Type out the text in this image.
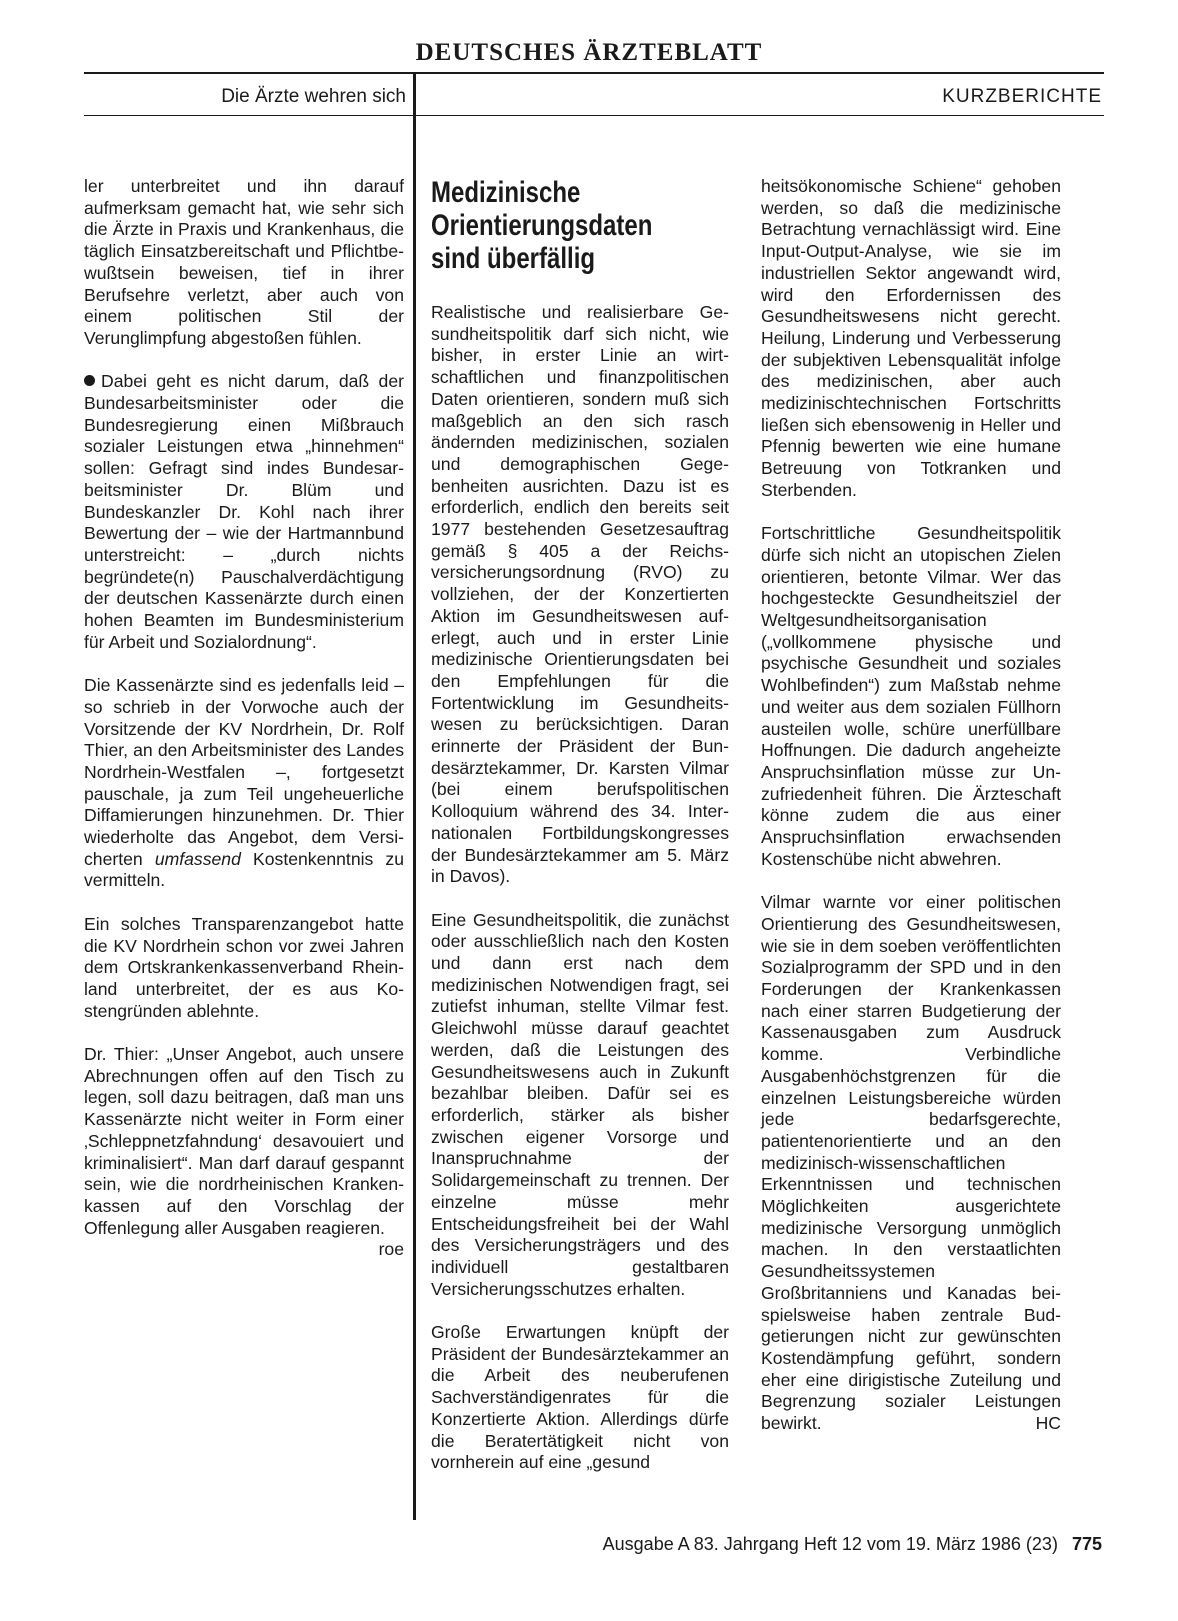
DEUTSCHES ÄRZTEBLATT
Die Ärzte wehren sich	KURZBERICHTE

ler unterbreitet und ihn darauf aufmerksam gemacht hat, wie sehr sich die Ärzte in Praxis und Krankenhaus, die täglich Einsatzbereitschaft und Pflichtbewußtsein beweisen, tief in ihrer Berufsehre verletzt, aber auch von einem politischen Stil der Verunglimpfung abgestoßen fühlen.

Dabei geht es nicht darum, daß der Bundesarbeitsminister oder die Bundesregierung einen Mißbrauch sozialer Leistungen etwa „hinnehmen“ sollen: Gefragt sind indes Bundesarbeitsminister Dr. Blüm und Bundeskanzler Dr. Kohl nach ihrer Bewertung der – wie der Hartmannbund unterstreicht: – „durch nichts begründete(n) Pauschalverdächtigung der deutschen Kassenärzte durch einen hohen Beamten im Bundesministerium für Arbeit und Sozialordnung“.

Die Kassenärzte sind es jedenfalls leid – so schrieb in der Vorwoche auch der Vorsitzende der KV Nordrhein, Dr. Rolf Thier, an den Arbeitsminister des Landes Nordrhein-Westfalen –, fortgesetzt pauschale, ja zum Teil ungeheuerliche Diffamierungen hinzunehmen. Dr. Thier wiederholte das Angebot, dem Versicherten umfassend Kostenkenntnis zu vermitteln.

Ein solches Transparenzangebot hatte die KV Nordrhein schon vor zwei Jahren dem Ortskrankenkassenverband Rheinland unterbreitet, der es aus Kostengründen ablehnte.

Dr. Thier: „Unser Angebot, auch unsere Abrechnungen offen auf den Tisch zu legen, soll dazu beitragen, daß man uns Kassenärzte nicht weiter in Form einer ‚Schleppnetzfahndung‘ desavouiert und kriminalisiert“. Man darf darauf gespannt sein, wie die nordrheinischen Krankenkassen auf den Vorschlag der Offenlegung aller Ausgaben reagieren.
roe

Medizinische
Orientierungsdaten
sind überfällig

Realistische und realisierbare Gesundheitspolitik darf sich nicht, wie bisher, in erster Linie an wirtschaftlichen und finanzpolitischen Daten orientieren, sondern muß sich maßgeblich an den sich rasch ändernden medizinischen, sozialen und demographischen Gegebenheiten ausrichten. Dazu ist es erforderlich, endlich den bereits seit 1977 bestehenden Gesetzesauftrag gemäß § 405 a der Reichsversicherungsordnung (RVO) zu vollziehen, der der Konzertierten Aktion im Gesundheitswesen auferlegt, auch und in erster Linie medizinische Orientierungsdaten bei den Empfehlungen für die Fortentwicklung im Gesundheitswesen zu berücksichtigen. Daran erinnerte der Präsident der Bundesärztekammer, Dr. Karsten Vilmar (bei einem berufspolitischen Kolloquium während des 34. Internationalen Fortbildungskongresses der Bundesärztekammer am 5. März in Davos).

Eine Gesundheitspolitik, die zunächst oder ausschließlich nach den Kosten und dann erst nach dem medizinischen Notwendigen fragt, sei zutiefst inhuman, stellte Vilmar fest. Gleichwohl müsse darauf geachtet werden, daß die Leistungen des Gesundheitswesens auch in Zukunft bezahlbar bleiben. Dafür sei es erforderlich, stärker als bisher zwischen eigener Vorsorge und Inanspruchnahme der Solidargemeinschaft zu trennen. Der einzelne müsse mehr Entscheidungsfreiheit bei der Wahl des Versicherungsträgers und des individuell gestaltbaren Versicherungsschutzes erhalten.

Große Erwartungen knüpft der Präsident der Bundesärztekammer an die Arbeit des neuberufenen Sachverständigenrates für die Konzertierte Aktion. Allerdings dürfe die Beratertätigkeit nicht von vornherein auf eine „gesund

heitsökonomische Schiene“ gehoben werden, so daß die medizinische Betrachtung vernachlässigt wird. Eine Input-Output-Analyse, wie sie im industriellen Sektor angewandt wird, wird den Erfordernissen des Gesundheitswesens nicht gerecht. Heilung, Linderung und Verbesserung der subjektiven Lebensqualität infolge des medizinischen, aber auch medizinischtechnischen Fortschritts ließen sich ebensowenig in Heller und Pfennig bewerten wie eine humane Betreuung von Totkranken und Sterbenden.

Fortschrittliche Gesundheitspolitik dürfe sich nicht an utopischen Zielen orientieren, betonte Vilmar. Wer das hochgesteckte Gesundheitsziel der Weltgesundheitsorganisation („vollkommene physische und psychische Gesundheit und soziales Wohlbefinden“) zum Maßstab nehme und weiter aus dem sozialen Füllhorn austeilen wolle, schüre unerfüllbare Hoffnungen. Die dadurch angeheizte Anspruchsinflation müsse zur Unzufriedenheit führen. Die Ärzteschaft könne zudem die aus einer Anspruchsinflation erwachsenden Kostenschübe nicht abwehren.

Vilmar warnte vor einer politischen Orientierung des Gesundheitswesen, wie sie in dem soeben veröffentlichten Sozialprogramm der SPD und in den Forderungen der Krankenkassen nach einer starren Budgetierung der Kassenausgaben zum Ausdruck komme. Verbindliche Ausgabenhöchstgrenzen für die einzelnen Leistungsbereiche würden jede bedarfsgerechte, patientenorientierte und an den medizinisch-wissenschaftlichen Erkenntnissen und technischen Möglichkeiten ausgerichtete medizinische Versorgung unmöglich machen. In den verstaatlichten Gesundheitssystemen Großbritanniens und Kanadas beispielsweise haben zentrale Budgetierungen nicht zur gewünschten Kostendämpfung geführt, sondern eher eine dirigistische Zuteilung und Begrenzung sozialer Leistungen bewirkt.	HC

Ausgabe A 83. Jahrgang Heft 12 vom 19. März 1986 (23) 775
